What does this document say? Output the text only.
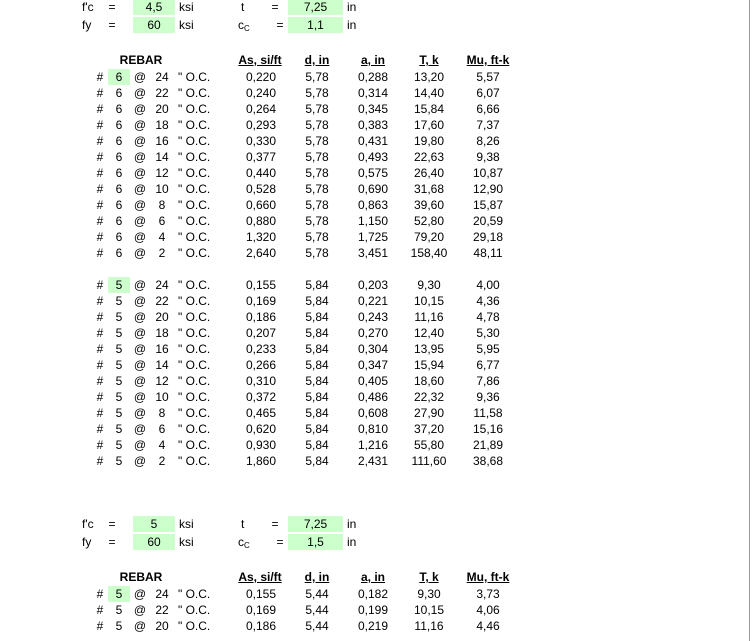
f'c	=	4,5	ksi	t	=	7,25	in
fy	=	60	ksi	$c_C$	=	1,1	in
REBAR	As, si/ft	d, in	a, in	T, k	Mu, ft-k
#	6 @ 24 " O.C.	0,220	5,78	0,288	13,20	5,57
#	6 @ 22 " O.C.	0,240	5,78	0,314	14,40	6,07
#	6 @ 20 " O.C.	0,264	5,78	0,345	15,84	6,66
#	6 @ 18 " O.C.	0,293	5,78	0,383	17,60	7,37
#	6 @ 16 " O.C.	0,330	5,78	0,431	19,80	8,26
#	6 @ 14 " O.C.	0,377	5,78	0,493	22,63	9,38
#	6 @ 12 " O.C.	0,440	5,78	0,575	26,40	10,87
#	6 @ 10 " O.C.	0,528	5,78	0,690	31,68	12,90
#	6 @	8	" O.C.	0,660	5,78	0,863	39,60	15,87
#	6 @	6	" O.C.	0,880	5,78	1,150	52,80	20,59
#	6 @	4	" O.C.	1,320	5,78	1,725	79,20	29,18
#	6 @	2	" O.C.	2,640	5,78	3,451	158,40	48,11
#	5 @ 24 " O.C.	0,155	5,84	0,203	9,30	4,00
#	5 @ 22 " O.C.	0,169	5,84	0,221	10,15	4,36
#	5 @ 20 " O.C.	0,186	5,84	0,243	11,16	4,78
#	5 @ 18 " O.C.	0,207	5,84	0,270	12,40	5,30
#	5 @ 16 " O.C.	0,233	5,84	0,304	13,95	5,95
#	5 @ 14 " O.C.	0,266	5,84	0,347	15,94	6,77
#	5 @ 12 " O.C.	0,310	5,84	0,405	18,60	7,86
#	5 @ 10 " O.C.	0,372	5,84	0,486	22,32	9,36
#	5 @	8	" O.C.	0,465	5,84	0,608	27,90	11,58
#	5 @	6	" O.C.	0,620	5,84	0,810	37,20	15,16
#	5 @	4	" O.C.	0,930	5,84	1,216	55,80	21,89
#	5 @	2	" O.C.	1,860	5,84	2,431	111,60	38,68
f'c	=	5	ksi	t	=	7,25	in
fy	=	60	ksi	$c_C$	=	1,5	in
REBAR	As, si/ft	d, in	a, in	T, k	Mu, ft-k
#	5 @ 24 " O.C.	0,155	5,44	0,182	9,30	3,73
#	5 @ 22 " O.C.	0,169	5,44	0,199	10,15	4,06
#	5 @ 20 " O.C.	0,186	5,44	0,219	11,16	4,46
